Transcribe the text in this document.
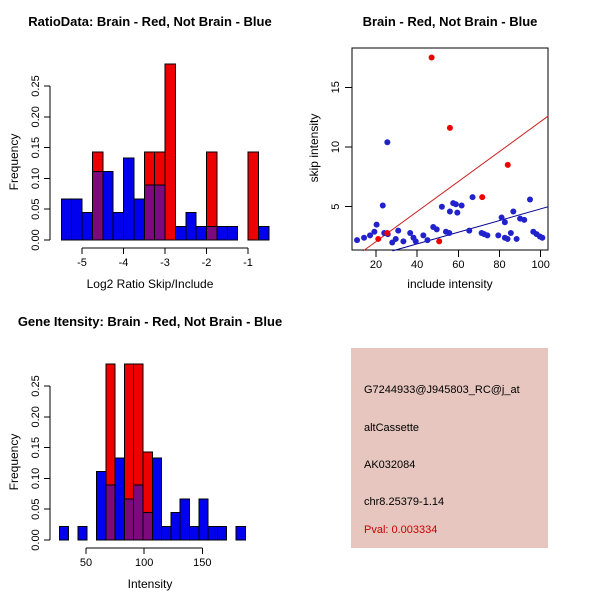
RatioData: Brain - Red, Not Brain - Blue
Frequency
0.00
0.05
0.10
0.15
0.20
0.25
-5	-4	-3	-2	-1
Log2 Ratio Skip/Include
Brain - Red, Not Brain - Blue
skip intensity
5
10
15
20	40	60	80 100
include intensity
Gene Itensity: Brain - Red, Not Brain - Blue
Frequency
0.00
0.05
0.10
0.15
0.20
0.25
50	100	150
Intensity
G7244933@J945803_RC@j_at
altCassette
AK032084
chr8.25379-1.14
Pval: 0.003334
